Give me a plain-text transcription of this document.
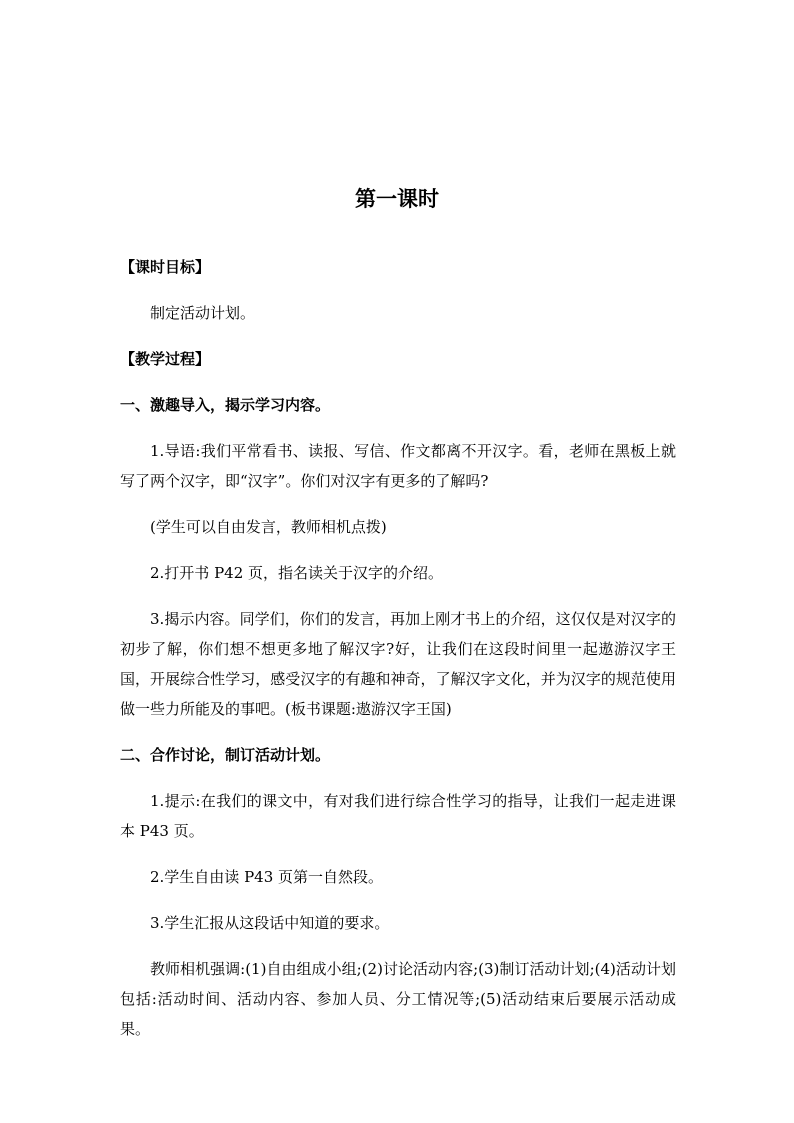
第一课时

【课时目标】

制定活动计划。

【教学过程】

一、激趣导入，揭示学习内容。

1.导语:我们平常看书、读报、写信、作文都离不开汉字。看，老师在黑板上就写了两个汉字，即“汉字”。你们对汉字有更多的了解吗?

(学生可以自由发言，教师相机点拨)

2.打开书 P42 页，指名读关于汉字的介绍。

3.揭示内容。同学们，你们的发言，再加上刚才书上的介绍，这仅仅是对汉字的初步了解，你们想不想更多地了解汉字?好，让我们在这段时间里一起遨游汉字王国，开展综合性学习，感受汉字的有趣和神奇，了解汉字文化，并为汉字的规范使用做一些力所能及的事吧。(板书课题:遨游汉字王国)

二、合作讨论，制订活动计划。

1.提示:在我们的课文中，有对我们进行综合性学习的指导，让我们一起走进课本 P43 页。

2.学生自由读 P43 页第一自然段。

3.学生汇报从这段话中知道的要求。

教师相机强调:(1)自由组成小组;(2)讨论活动内容;(3)制订活动计划;(4)活动计划包括:活动时间、活动内容、参加人员、分工情况等;(5)活动结束后要展示活动成果。
